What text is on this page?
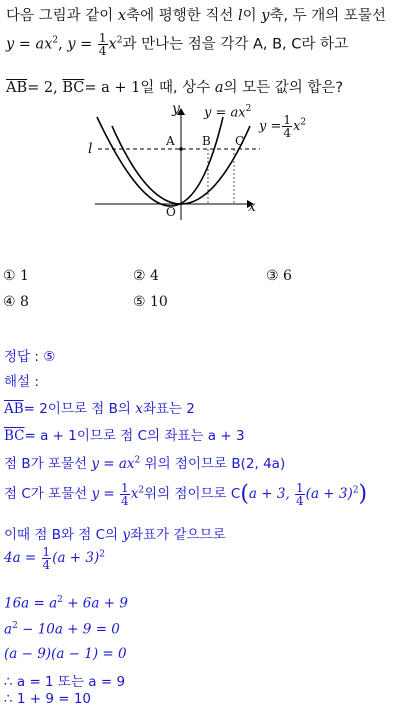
다음 그림과 같이 x축에 평행한 직선 l이 y축, 두 개의 포물선
$y = ax^2$, $y = \frac{1}{4} x^2$과 만나는 점을 각각 A, B, C라 하고
$\overline{AB}= 2$, $\overline{BC}= a + 1$일 때, 상수 a의 모든 값의 합은?
y $y = ax^2$
$y = \frac{1}{4} x^2$
A B C
l
O	x
① 1	② 4	③ 6
④ 8	⑤ 10
정답 : ⑤
해설 :
$\overline{AB}= 2$이므로 점 B의 x좌표는 2
$\overline{BC}= a + 1$이므로 점 C의 좌표는 a + 3
점 B가 포물선 $y = ax^2$ 위의 점이므로 B(2, 4a)
점 C가 포물선 $y = \frac{1}{4} x^2$위의 점이므로 C(a + 3, $\frac{1}{4} (a + 3)^2$)
이때 점 B와 점 C의 y좌표가 같으므로
$4a = \frac{1}{4} (a + 3)^2$
$16a = a^2 + 6a + 9$
$a^2 - 10a + 9 = 0$
(a − 9)(a − 1) = 0
∴ a = 1 또는 a = 9
∴ 1 + 9 = 10
